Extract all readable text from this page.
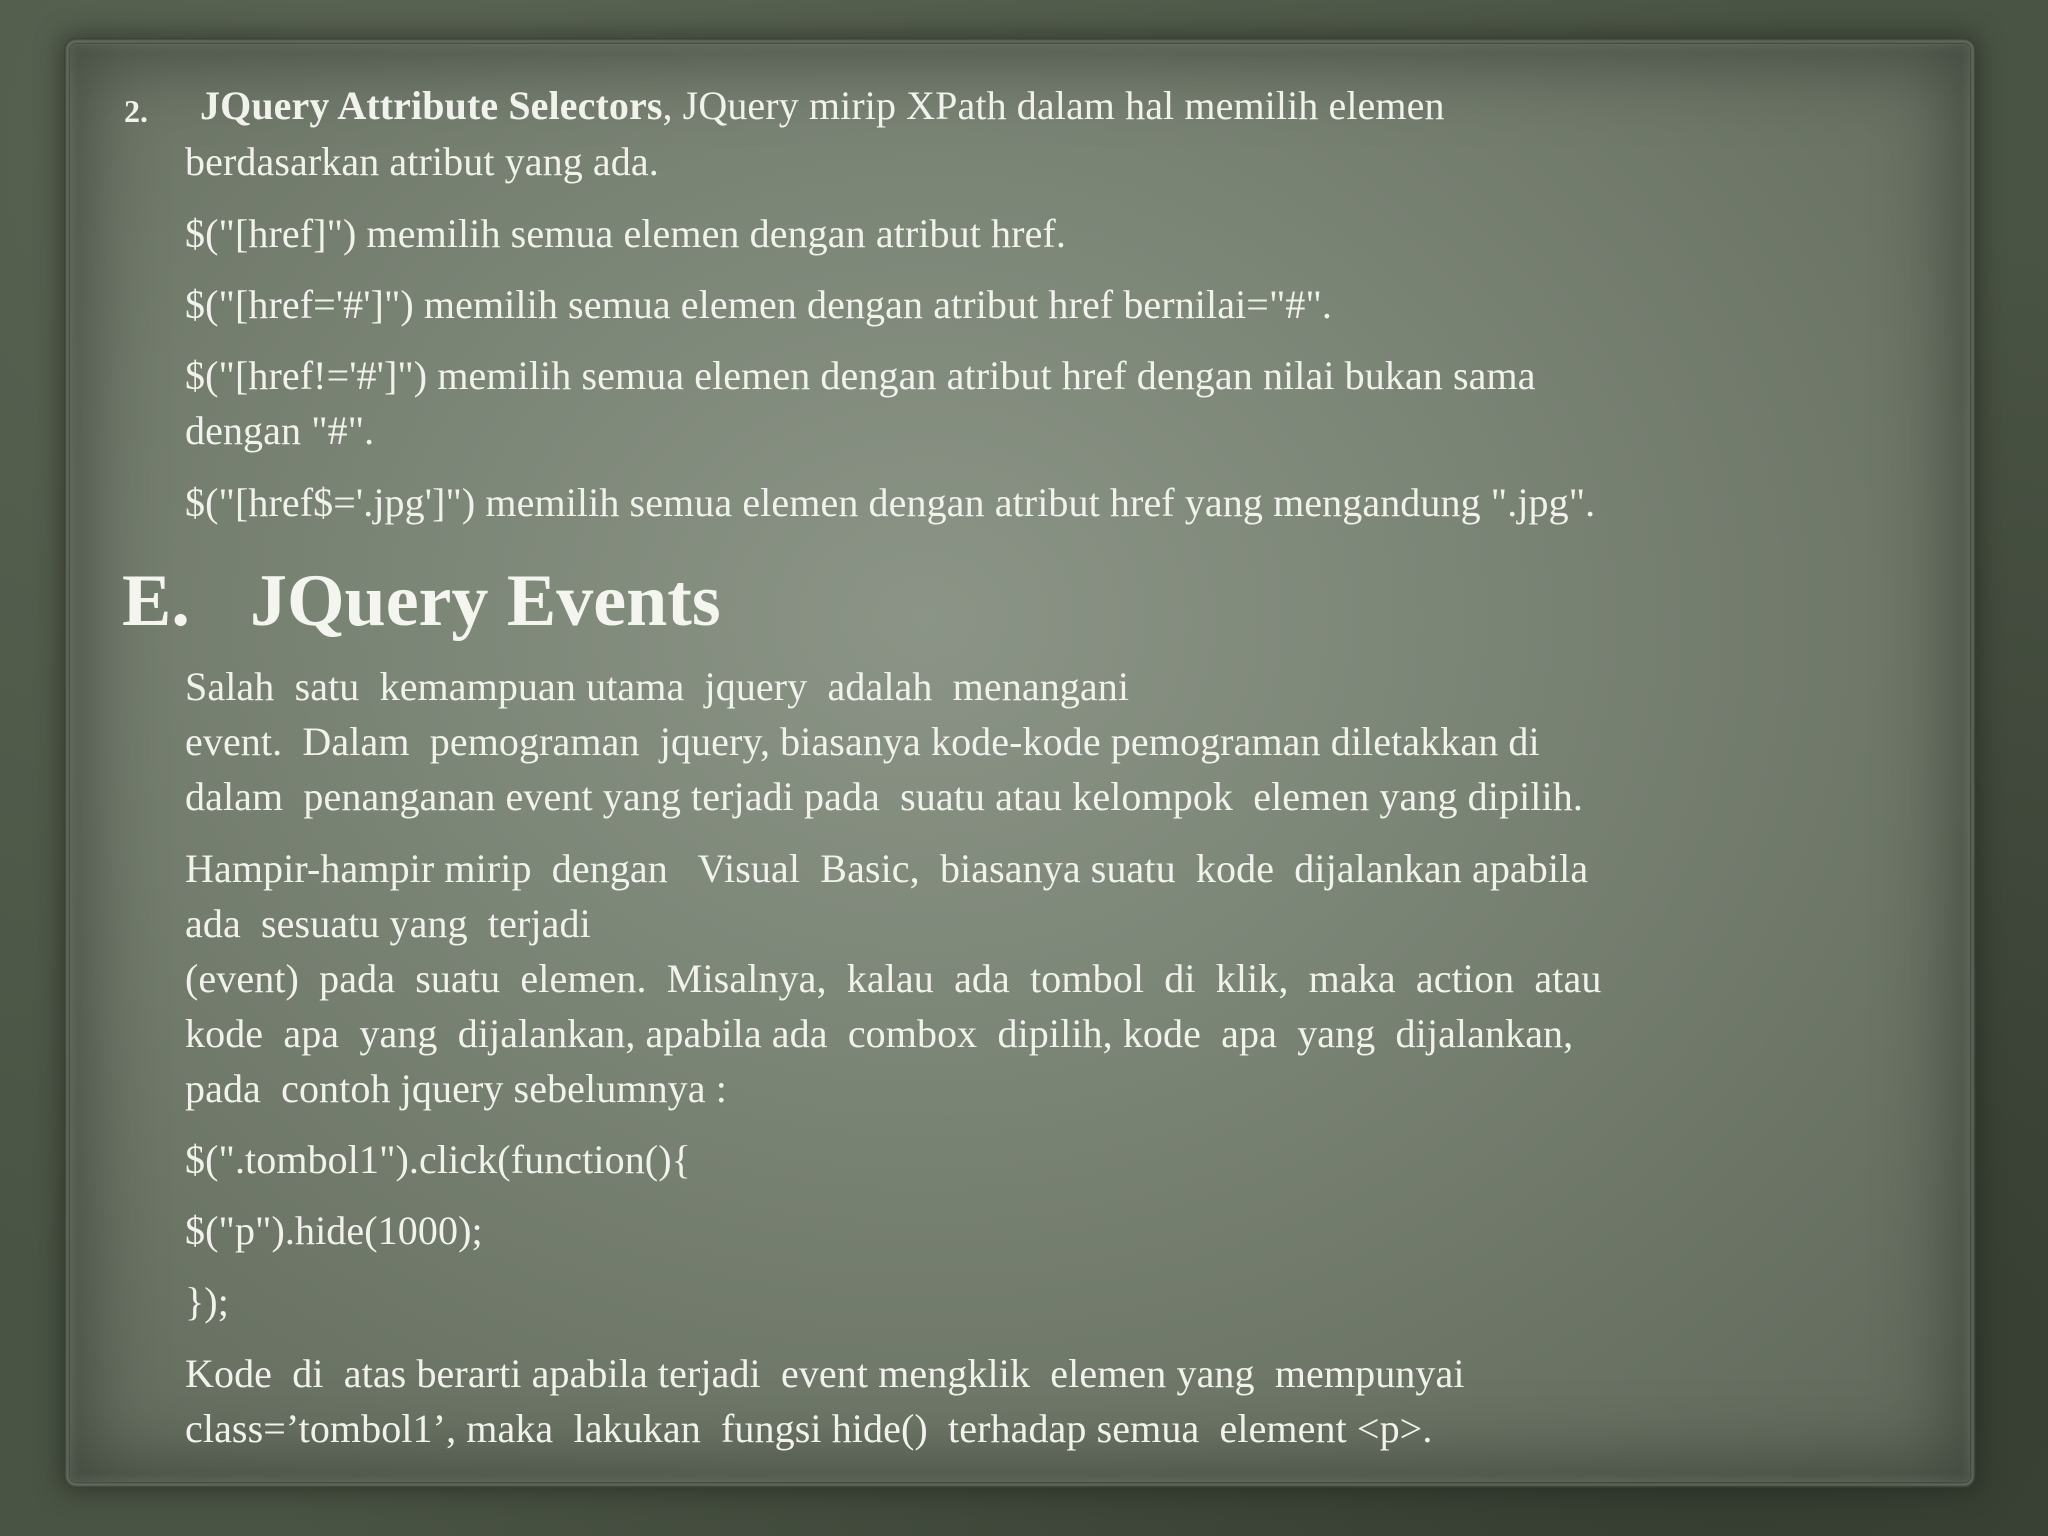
2. JQuery Attribute Selectors, JQuery mirip XPath dalam hal memilih elemen
berdasarkan atribut yang ada.
$("[href]") memilih semua elemen dengan atribut href.
$("[href='#']") memilih semua elemen dengan atribut href bernilai="#".
$("[href!='#']") memilih semua elemen dengan atribut href dengan nilai bukan sama
dengan "#".
$("[href$='.jpg']") memilih semua elemen dengan atribut href yang mengandung ".jpg".
E. JQuery Events
Salah  satu  kemampuan utama  jquery  adalah  menangani
event.  Dalam  pemograman  jquery, biasanya kode-kode pemograman diletakkan di
dalam  penanganan event yang terjadi pada  suatu atau kelompok  elemen yang dipilih.
Hampir-hampir mirip  dengan   Visual  Basic,  biasanya suatu  kode  dijalankan apabila
ada  sesuatu yang  terjadi
(event)  pada  suatu  elemen.  Misalnya,  kalau  ada  tombol  di  klik,  maka  action  atau
kode  apa  yang  dijalankan, apabila ada  combox  dipilih, kode  apa  yang  dijalankan,
pada  contoh jquery sebelumnya :
$(".tombol1").click(function(){
$("p").hide(1000);
});
Kode  di  atas berarti apabila terjadi  event mengklik  elemen yang  mempunyai
class=’tombol1’, maka  lakukan  fungsi hide()  terhadap semua  element <p>.
